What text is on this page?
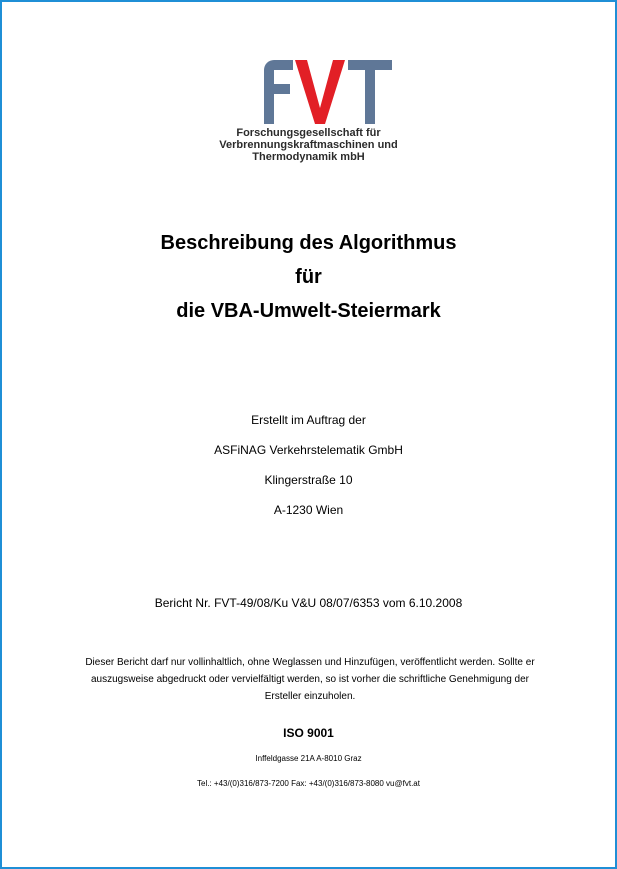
Forschungsgesellschaft für
Verbrennungskraftmaschinen und
Thermodynamik mbH
Beschreibung des Algorithmus
für
die VBA-Umwelt-Steiermark
Erstellt im Auftrag der
ASFiNAG Verkehrstelematik GmbH
Klingerstraße 10
A-1230 Wien
Bericht Nr. FVT-49/08/Ku V&U 08/07/6353 vom 6.10.2008
Dieser Bericht darf nur vollinhaltlich, ohne Weglassen und Hinzufügen, veröffentlicht werden. Sollte er
auszugsweise abgedruckt oder vervielfältigt werden, so ist vorher die schriftliche Genehmigung der
Ersteller einzuholen.
ISO 9001
Inffeldgasse 21A A-8010 Graz
Tel.: +43/(0)316/873-7200 Fax: +43/(0)316/873-8080 vu@fvt.at
